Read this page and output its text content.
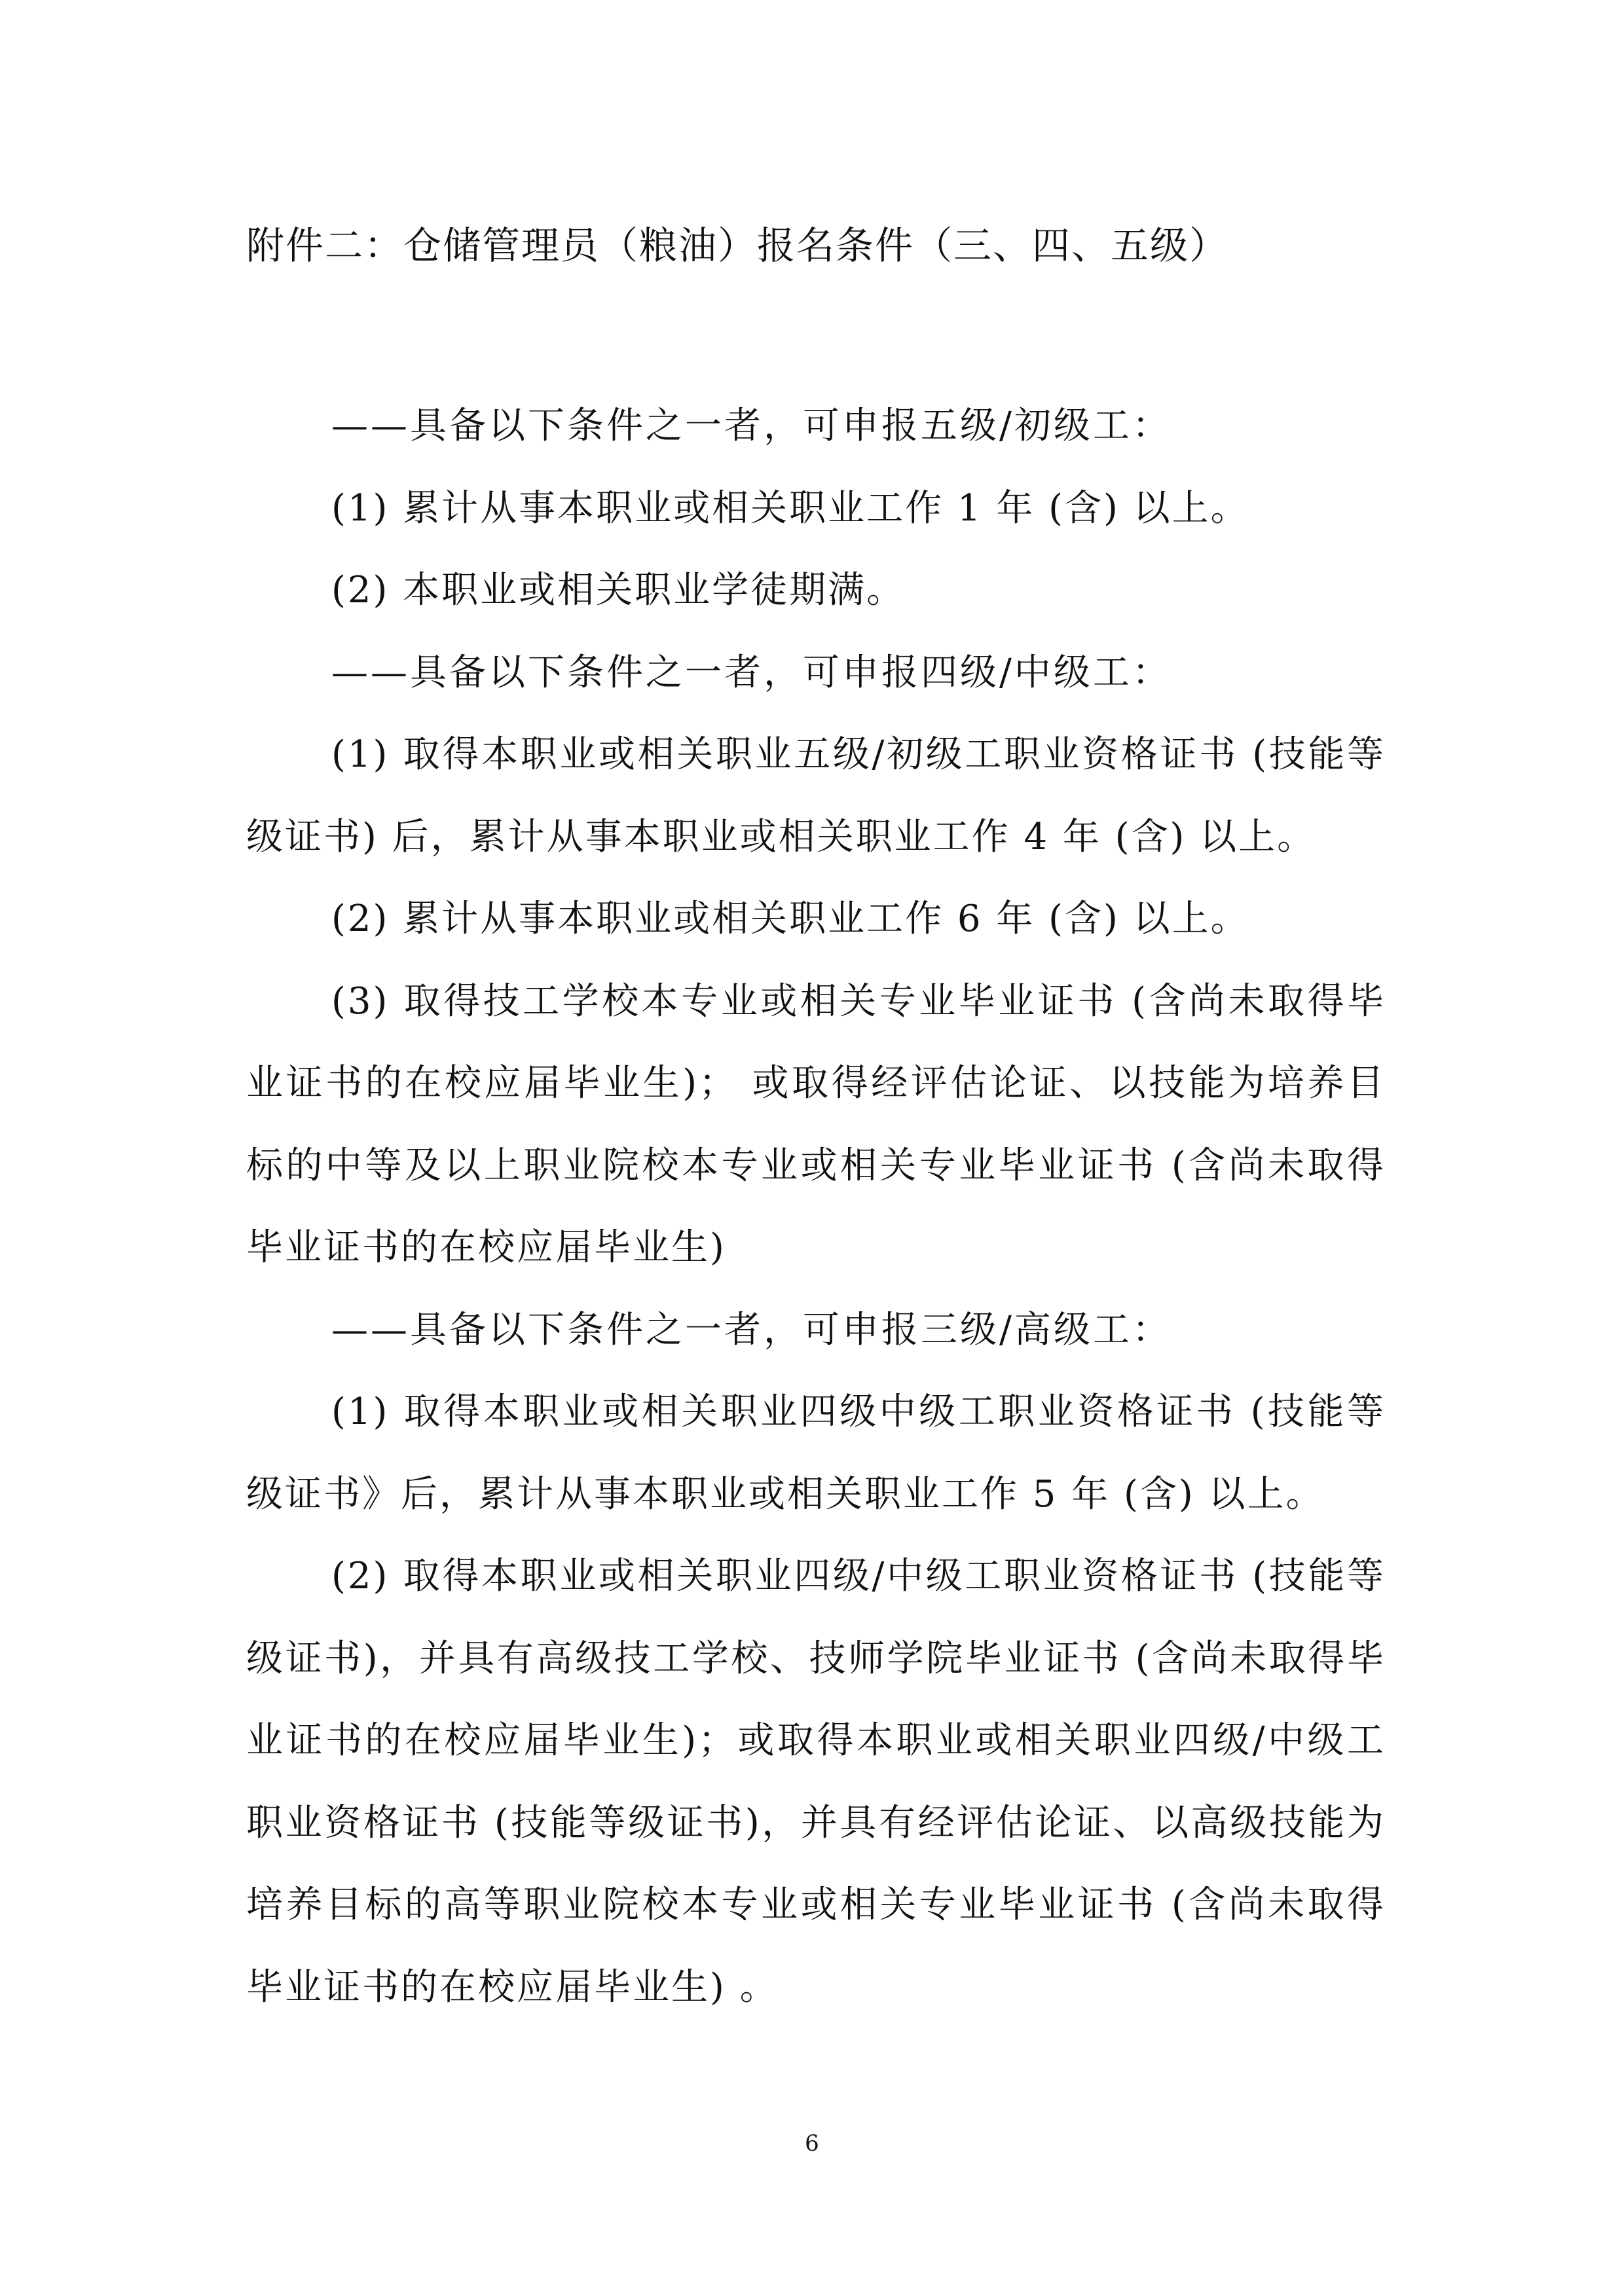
附件二：仓储管理员（粮油）报名条件（三、四、五级）

——具备以下条件之一者，可申报五级/初级工：

(1) 累计从事本职业或相关职业工作 1 年 (含) 以上。

(2) 本职业或相关职业学徒期满。

——具备以下条件之一者，可申报四级/中级工：

(1) 取得本职业或相关职业五级/初级工职业资格证书 (技能等级证书) 后，累计从事本职业或相关职业工作 4 年 (含) 以上。

(2) 累计从事本职业或相关职业工作 6 年 (含) 以上。

(3) 取得技工学校本专业或相关专业毕业证书 (含尚未取得毕业证书的在校应届毕业生)； 或取得经评估论证、以技能为培养目标的中等及以上职业院校本专业或相关专业毕业证书 (含尚未取得毕业证书的在校应届毕业生)

——具备以下条件之一者，可申报三级/高级工：

(1) 取得本职业或相关职业四级中级工职业资格证书 (技能等级证书》后，累计从事本职业或相关职业工作 5 年 (含) 以上。

(2) 取得本职业或相关职业四级/中级工职业资格证书 (技能等级证书)，并具有高级技工学校、技师学院毕业证书 (含尚未取得毕业证书的在校应届毕业生)；或取得本职业或相关职业四级/中级工职业资格证书 (技能等级证书)，并具有经评估论证、以高级技能为培养目标的高等职业院校本专业或相关专业毕业证书 (含尚未取得毕业证书的在校应届毕业生) 。

6
